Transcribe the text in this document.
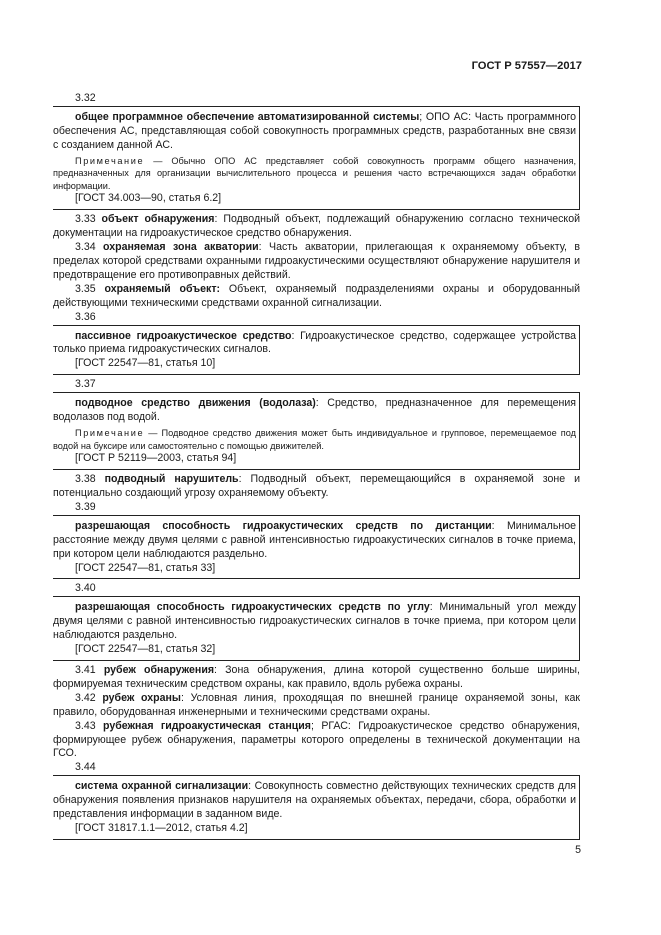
ГОСТ Р 57557—2017
3.32
общее программное обеспечение автоматизированной системы; ОПО АС: Часть программного обеспечения АС, представляющая собой совокупность программных средств, разработанных вне связи с созданием данной АС.
Примечание — Обычно ОПО АС представляет собой совокупность программ общего назначения, предназначенных для организации вычислительного процесса и решения часто встречающихся задач обработки информации.
[ГОСТ 34.003—90, статья 6.2]
3.33 объект обнаружения: Подводный объект, подлежащий обнаружению согласно технической документации на гидроакустическое средство обнаружения.
3.34 охраняемая зона акватории: Часть акватории, прилегающая к охраняемому объекту, в пределах которой средствами охранными гидроакустическими осуществляют обнаружение нарушителя и предотвращение его противоправных действий.
3.35 охраняемый объект: Объект, охраняемый подразделениями охраны и оборудованный действующими техническими средствами охранной сигнализации.
3.36
пассивное гидроакустическое средство: Гидроакустическое средство, содержащее устройства только приема гидроакустических сигналов.
[ГОСТ 22547—81, статья 10]
3.37
подводное средство движения (водолаза): Средство, предназначенное для перемещения водолазов под водой.
Примечание — Подводное средство движения может быть индивидуальное и групповое, перемещаемое под водой на буксире или самостоятельно с помощью движителей.
[ГОСТ Р 52119—2003, статья 94]
3.38 подводный нарушитель: Подводный объект, перемещающийся в охраняемой зоне и потенциально создающий угрозу охраняемому объекту.
3.39
разрешающая способность гидроакустических средств по дистанции: Минимальное расстояние между двумя целями с равной интенсивностью гидроакустических сигналов в точке приема, при котором цели наблюдаются раздельно.
[ГОСТ 22547—81, статья 33]
3.40
разрешающая способность гидроакустических средств по углу: Минимальный угол между двумя целями с равной интенсивностью гидроакустических сигналов в точке приема, при котором цели наблюдаются раздельно.
[ГОСТ 22547—81, статья 32]
3.41 рубеж обнаружения: Зона обнаружения, длина которой существенно больше ширины, формируемая техническим средством охраны, как правило, вдоль рубежа охраны.
3.42 рубеж охраны: Условная линия, проходящая по внешней границе охраняемой зоны, как правило, оборудованная инженерными и техническими средствами охраны.
3.43 рубежная гидроакустическая станция; РГАС: Гидроакустическое средство обнаружения, формирующее рубеж обнаружения, параметры которого определены в технической документации на ГСО.
3.44
система охранной сигнализации: Совокупность совместно действующих технических средств для обнаружения появления признаков нарушителя на охраняемых объектах, передачи, сбора, обработки и представления информации в заданном виде.
[ГОСТ 31817.1.1—2012, статья 4.2]
5
